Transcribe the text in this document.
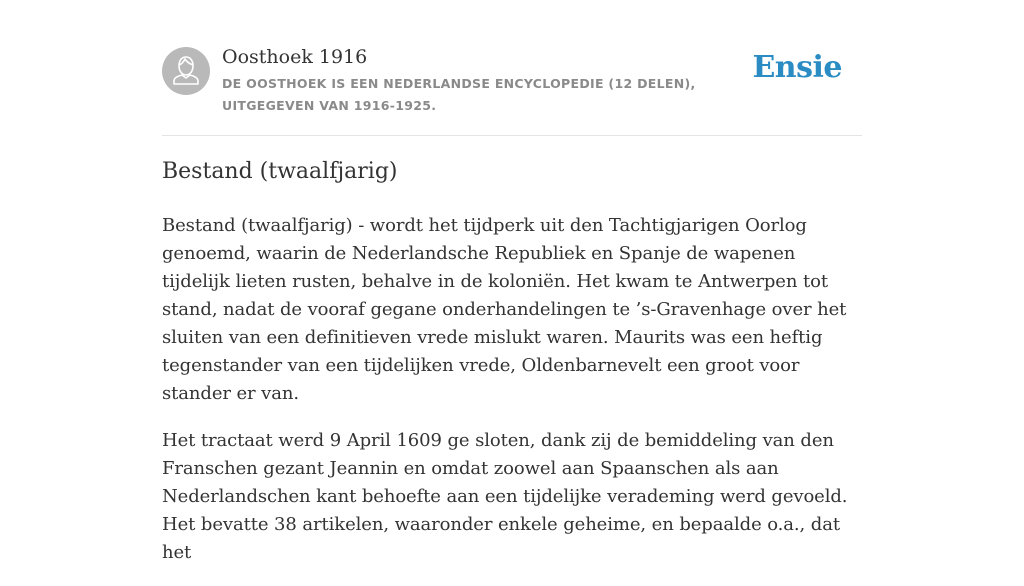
Oosthoek 1916
DE OOSTHOEK IS EEN NEDERLANDSE ENCYCLOPEDIE (12 DELEN), UITGEGEVEN VAN 1916-1925.
Ensie
Bestand (twaalfjarig)

Bestand (twaalfjarig) - wordt het tijdperk uit den Tachtigjarigen Oorlog genoemd, waarin de Nederlandsche Republiek en Spanje de wapenen tijdelijk lieten rusten, behalve in de koloniën. Het kwam te Antwerpen tot stand, nadat de vooraf gegane onderhandelingen te ’s-Gravenhage over het sluiten van een definitieven vrede mislukt waren. Maurits was een heftig tegenstander van een tijdelijken vrede, Oldenbarnevelt een groot voor stander er van.

Het tractaat werd 9 April 1609 ge sloten, dank zij de bemiddeling van den Franschen gezant Jeannin en omdat zoowel aan Spaanschen als aan Nederlandschen kant behoefte aan een tijdelijke verademing werd gevoeld. Het bevatte 38 artikelen, waaronder enkele geheime, en bepaalde o.a., dat het
